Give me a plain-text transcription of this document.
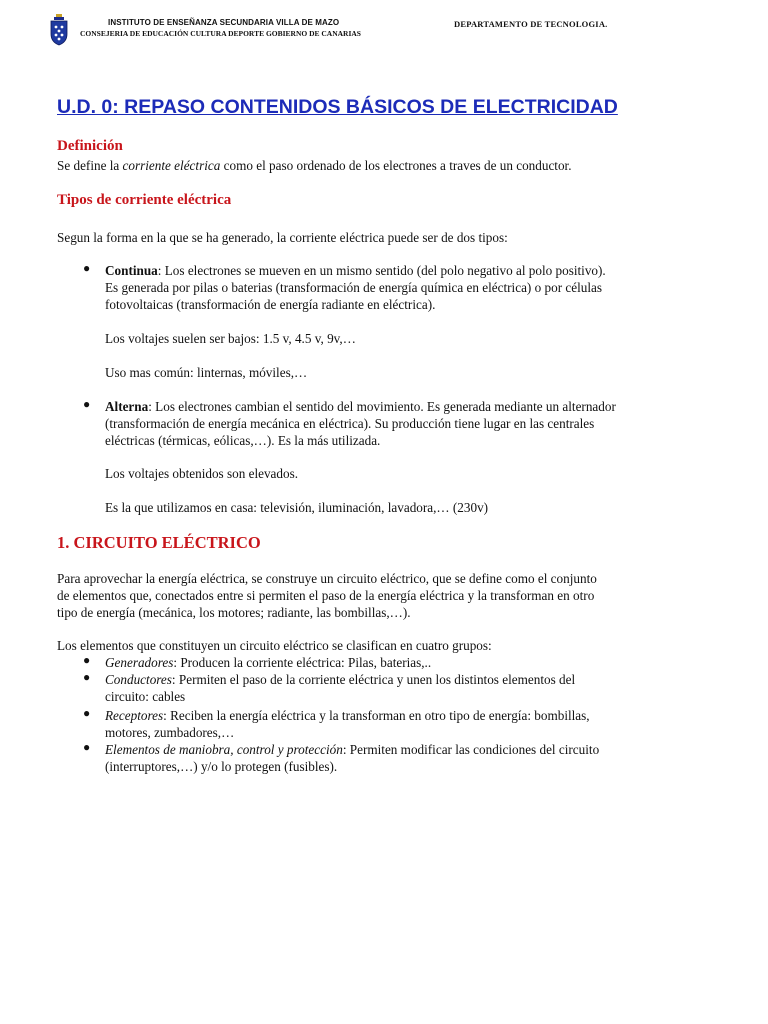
INSTITUTO DE ENSEÑANZA SECUNDARIA VILLA DE MAZO
CONSEJERIA DE EDUCACIÓN CULTURA DEPORTE GOBIERNO DE CANARIAS
DEPARTAMENTO DE TECNOLOGIA.
U.D. 0: REPASO CONTENIDOS BÁSICOS DE ELECTRICIDAD
Definición

Se define la corriente eléctrica como el paso ordenado de los electrones a traves de un conductor.

Tipos de corriente eléctrica

Segun la forma en la que se ha generado, la corriente eléctrica puede ser de dos tipos:

● Continua: Los electrones se mueven en un mismo sentido (del polo negativo al polo positivo).
Es generada por pilas o baterias (transformación de energía química en eléctrica) o por células
fotovoltaicas (transformación de energía radiante en eléctrica).

Los voltajes suelen ser bajos: 1.5 v, 4.5 v, 9v,…

Uso mas común: linternas, móviles,…

● Alterna: Los electrones cambian el sentido del movimiento. Es generada mediante un alternador
(transformación de energía mecánica en eléctrica). Su producción tiene lugar en las centrales
eléctricas (térmicas, eólicas,…). Es la más utilizada.

Los voltajes obtenidos son elevados.

Es la que utilizamos en casa: televisión, iluminación, lavadora,… (230v)

1. CIRCUITO ELÉCTRICO

Para aprovechar la energía eléctrica, se construye un circuito eléctrico, que se define como el conjunto
de elementos que, conectados entre si permiten el paso de la energía eléctrica y la transforman en otro
tipo de energía (mecánica, los motores; radiante, las bombillas,…).

Los elementos que constituyen un circuito eléctrico se clasifican en cuatro grupos:

● Generadores: Producen la corriente eléctrica: Pilas, baterias,..

● Conductores: Permiten el paso de la corriente eléctrica y unen los distintos elementos del
circuito: cables

● Receptores: Reciben la energía eléctrica y la transforman en otro tipo de energía: bombillas,
motores, zumbadores,…

● Elementos de maniobra, control y protección: Permiten modificar las condiciones del circuito
(interruptores,…) y/o lo protegen (fusibles).
